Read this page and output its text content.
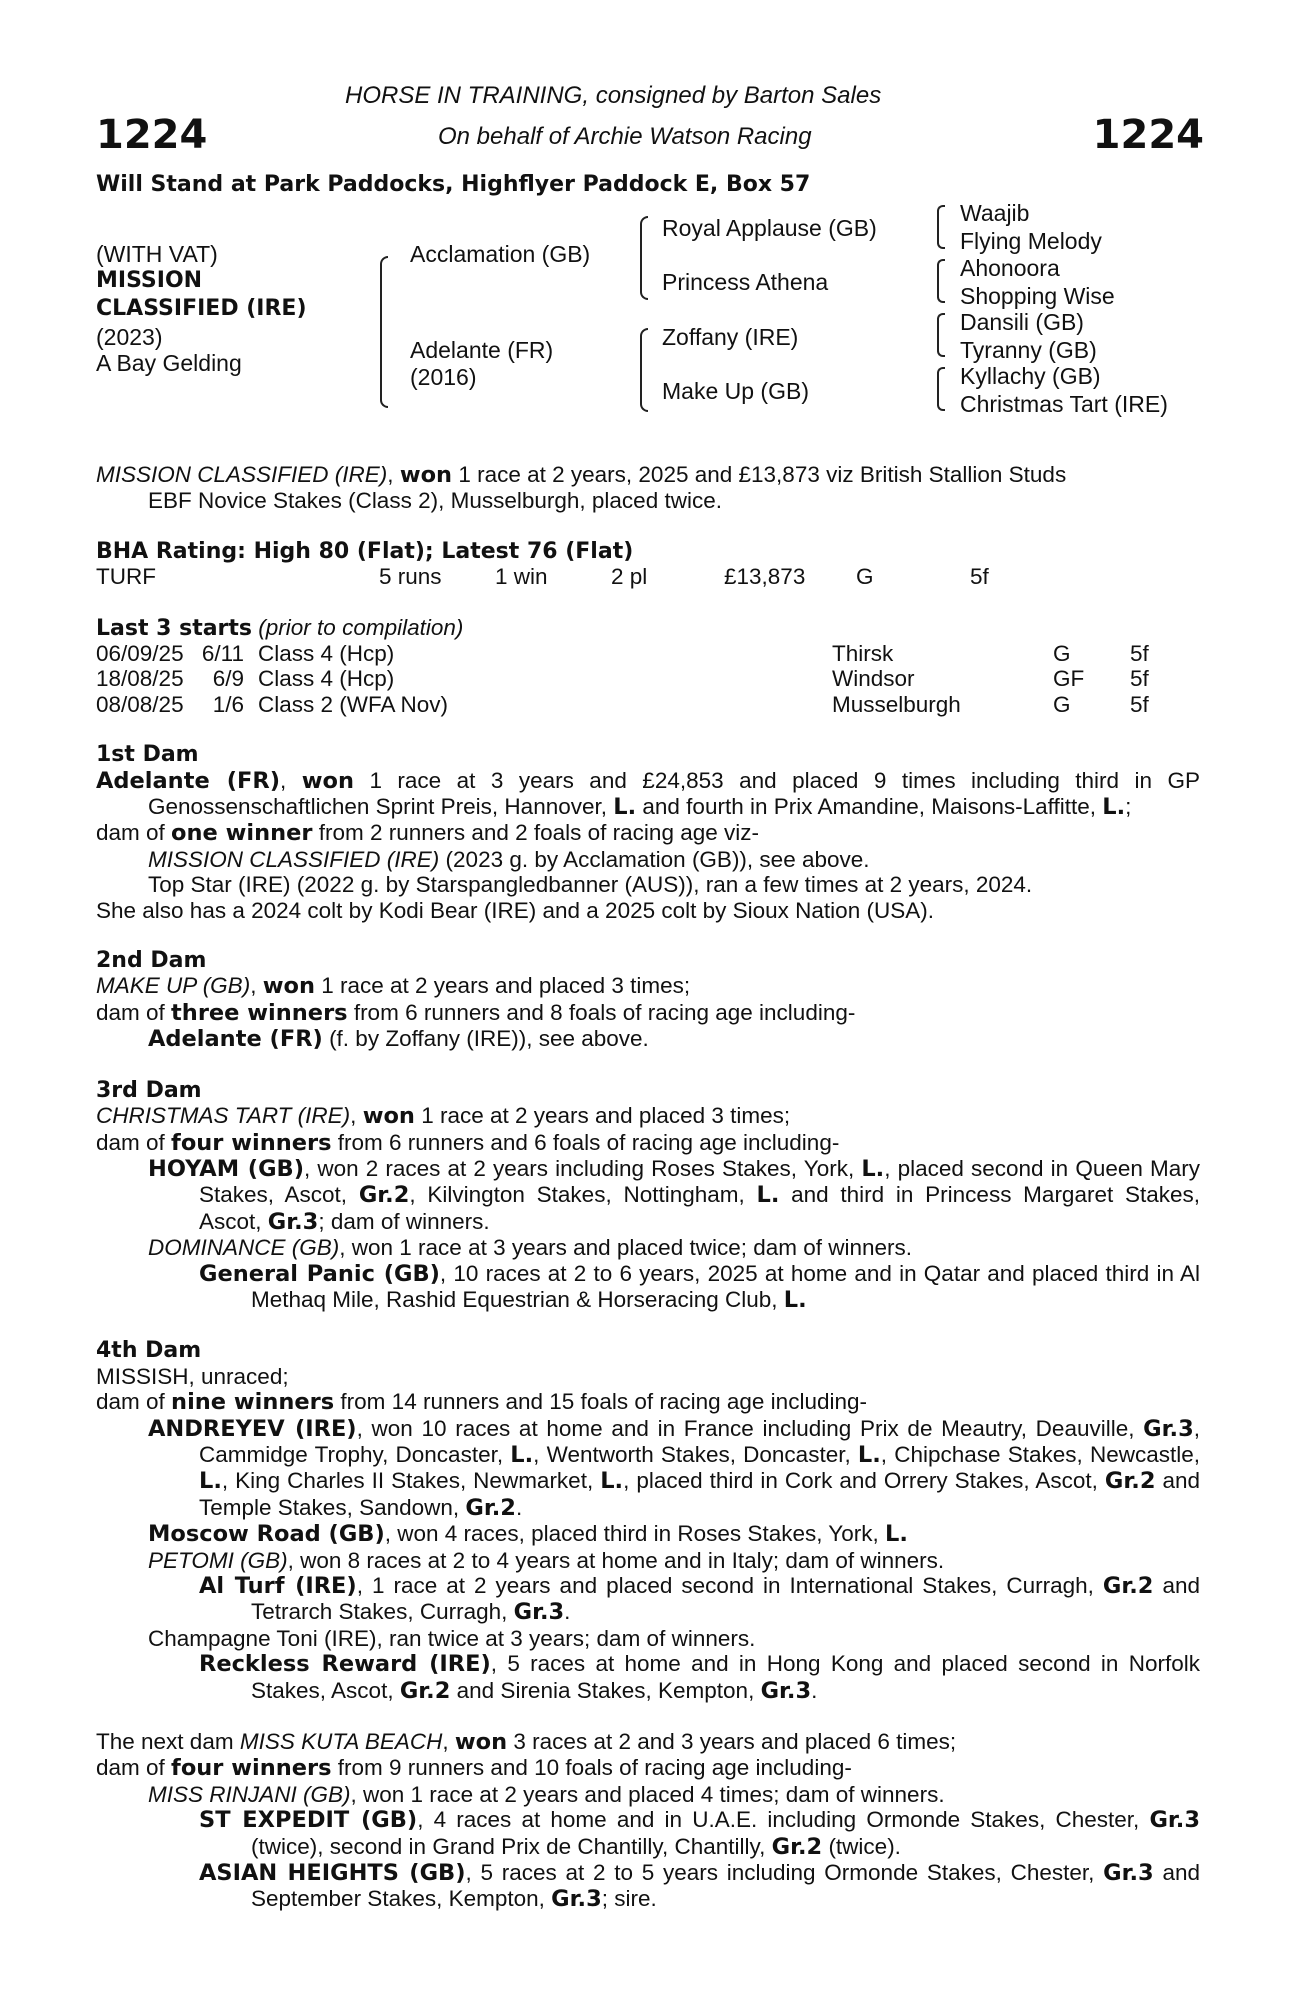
1224	1224
HORSE IN TRAINING, consigned by Barton Sales
On behalf of Archie Watson Racing
Will Stand at Park Paddocks, Highflyer Paddock E, Box 57
(WITH VAT)
MISSION
CLASSIFIED (IRE)
(2023)
A Bay Gelding
Acclamation (GB)
Adelante (FR)
(2016)
Royal Applause (GB)
Princess Athena
Zoffany (IRE)
Make Up (GB)
Waajib
Flying Melody
Ahonoora
Shopping Wise
Dansili (GB)
Tyranny (GB)
Kyllachy (GB)
Christmas Tart (IRE)

MISSION CLASSIFIED (IRE), won 1 race at 2 years, 2025 and £13,873 viz British Stallion Studs
EBF Novice Stakes (Class 2), Musselburgh, placed twice.

BHA Rating: High 80 (Flat); Latest 76 (Flat)

TURF	5 runs 1 win	2 pl	£13,873 G	5f

Last 3 starts (prior to compilation)

06/09/25	6/11	Class 4 (Hcp)	Thirsk	G	5f
18/08/25	6/9	Class 4 (Hcp)	Windsor	GF	5f
08/08/25	1/6	Class 2 (WFA Nov)	Musselburgh	G	5f

1st Dam

Adelante (FR), won 1 race at 3 years and £24,853 and placed 9 times including third in GP Genossenschaftlichen Sprint Preis, Hannover, L. and fourth in Prix Amandine, Maisons-Laffitte, L.;

dam of one winner from 2 runners and 2 foals of racing age viz-

MISSION CLASSIFIED (IRE) (2023 g. by Acclamation (GB)), see above.

Top Star (IRE) (2022 g. by Starspangledbanner (AUS)), ran a few times at 2 years, 2024.

She also has a 2024 colt by Kodi Bear (IRE) and a 2025 colt by Sioux Nation (USA).

2nd Dam

MAKE UP (GB), won 1 race at 2 years and placed 3 times;

dam of three winners from 6 runners and 8 foals of racing age including-

Adelante (FR) (f. by Zoffany (IRE)), see above.

3rd Dam

CHRISTMAS TART (IRE), won 1 race at 2 years and placed 3 times;

dam of four winners from 6 runners and 6 foals of racing age including-

HOYAM (GB), won 2 races at 2 years including Roses Stakes, York, L., placed second in Queen Mary Stakes, Ascot, Gr.2, Kilvington Stakes, Nottingham, L. and third in Princess Margaret Stakes, Ascot, Gr.3; dam of winners.

DOMINANCE (GB), won 1 race at 3 years and placed twice; dam of winners.

General Panic (GB), 10 races at 2 to 6 years, 2025 at home and in Qatar and placed third in Al Methaq Mile, Rashid Equestrian & Horseracing Club, L.

4th Dam

MISSISH, unraced;

dam of nine winners from 14 runners and 15 foals of racing age including-

ANDREYEV (IRE), won 10 races at home and in France including Prix de Meautry, Deauville, Gr.3, Cammidge Trophy, Doncaster, L., Wentworth Stakes, Doncaster, L., Chipchase Stakes, Newcastle, L., King Charles II Stakes, Newmarket, L., placed third in Cork and Orrery Stakes, Ascot, Gr.2 and Temple Stakes, Sandown, Gr.2.

Moscow Road (GB), won 4 races, placed third in Roses Stakes, York, L.

PETOMI (GB), won 8 races at 2 to 4 years at home and in Italy; dam of winners.

Al Turf (IRE), 1 race at 2 years and placed second in International Stakes, Curragh, Gr.2 and Tetrarch Stakes, Curragh, Gr.3.

Champagne Toni (IRE), ran twice at 3 years; dam of winners.

Reckless Reward (IRE), 5 races at home and in Hong Kong and placed second in Norfolk Stakes, Ascot, Gr.2 and Sirenia Stakes, Kempton, Gr.3.

The next dam MISS KUTA BEACH, won 3 races at 2 and 3 years and placed 6 times;

dam of four winners from 9 runners and 10 foals of racing age including-

MISS RINJANI (GB), won 1 race at 2 years and placed 4 times; dam of winners.

ST EXPEDIT (GB), 4 races at home and in U.A.E. including Ormonde Stakes, Chester, Gr.3 (twice), second in Grand Prix de Chantilly, Chantilly, Gr.2 (twice).

ASIAN HEIGHTS (GB), 5 races at 2 to 5 years including Ormonde Stakes, Chester, Gr.3 and September Stakes, Kempton, Gr.3; sire.
